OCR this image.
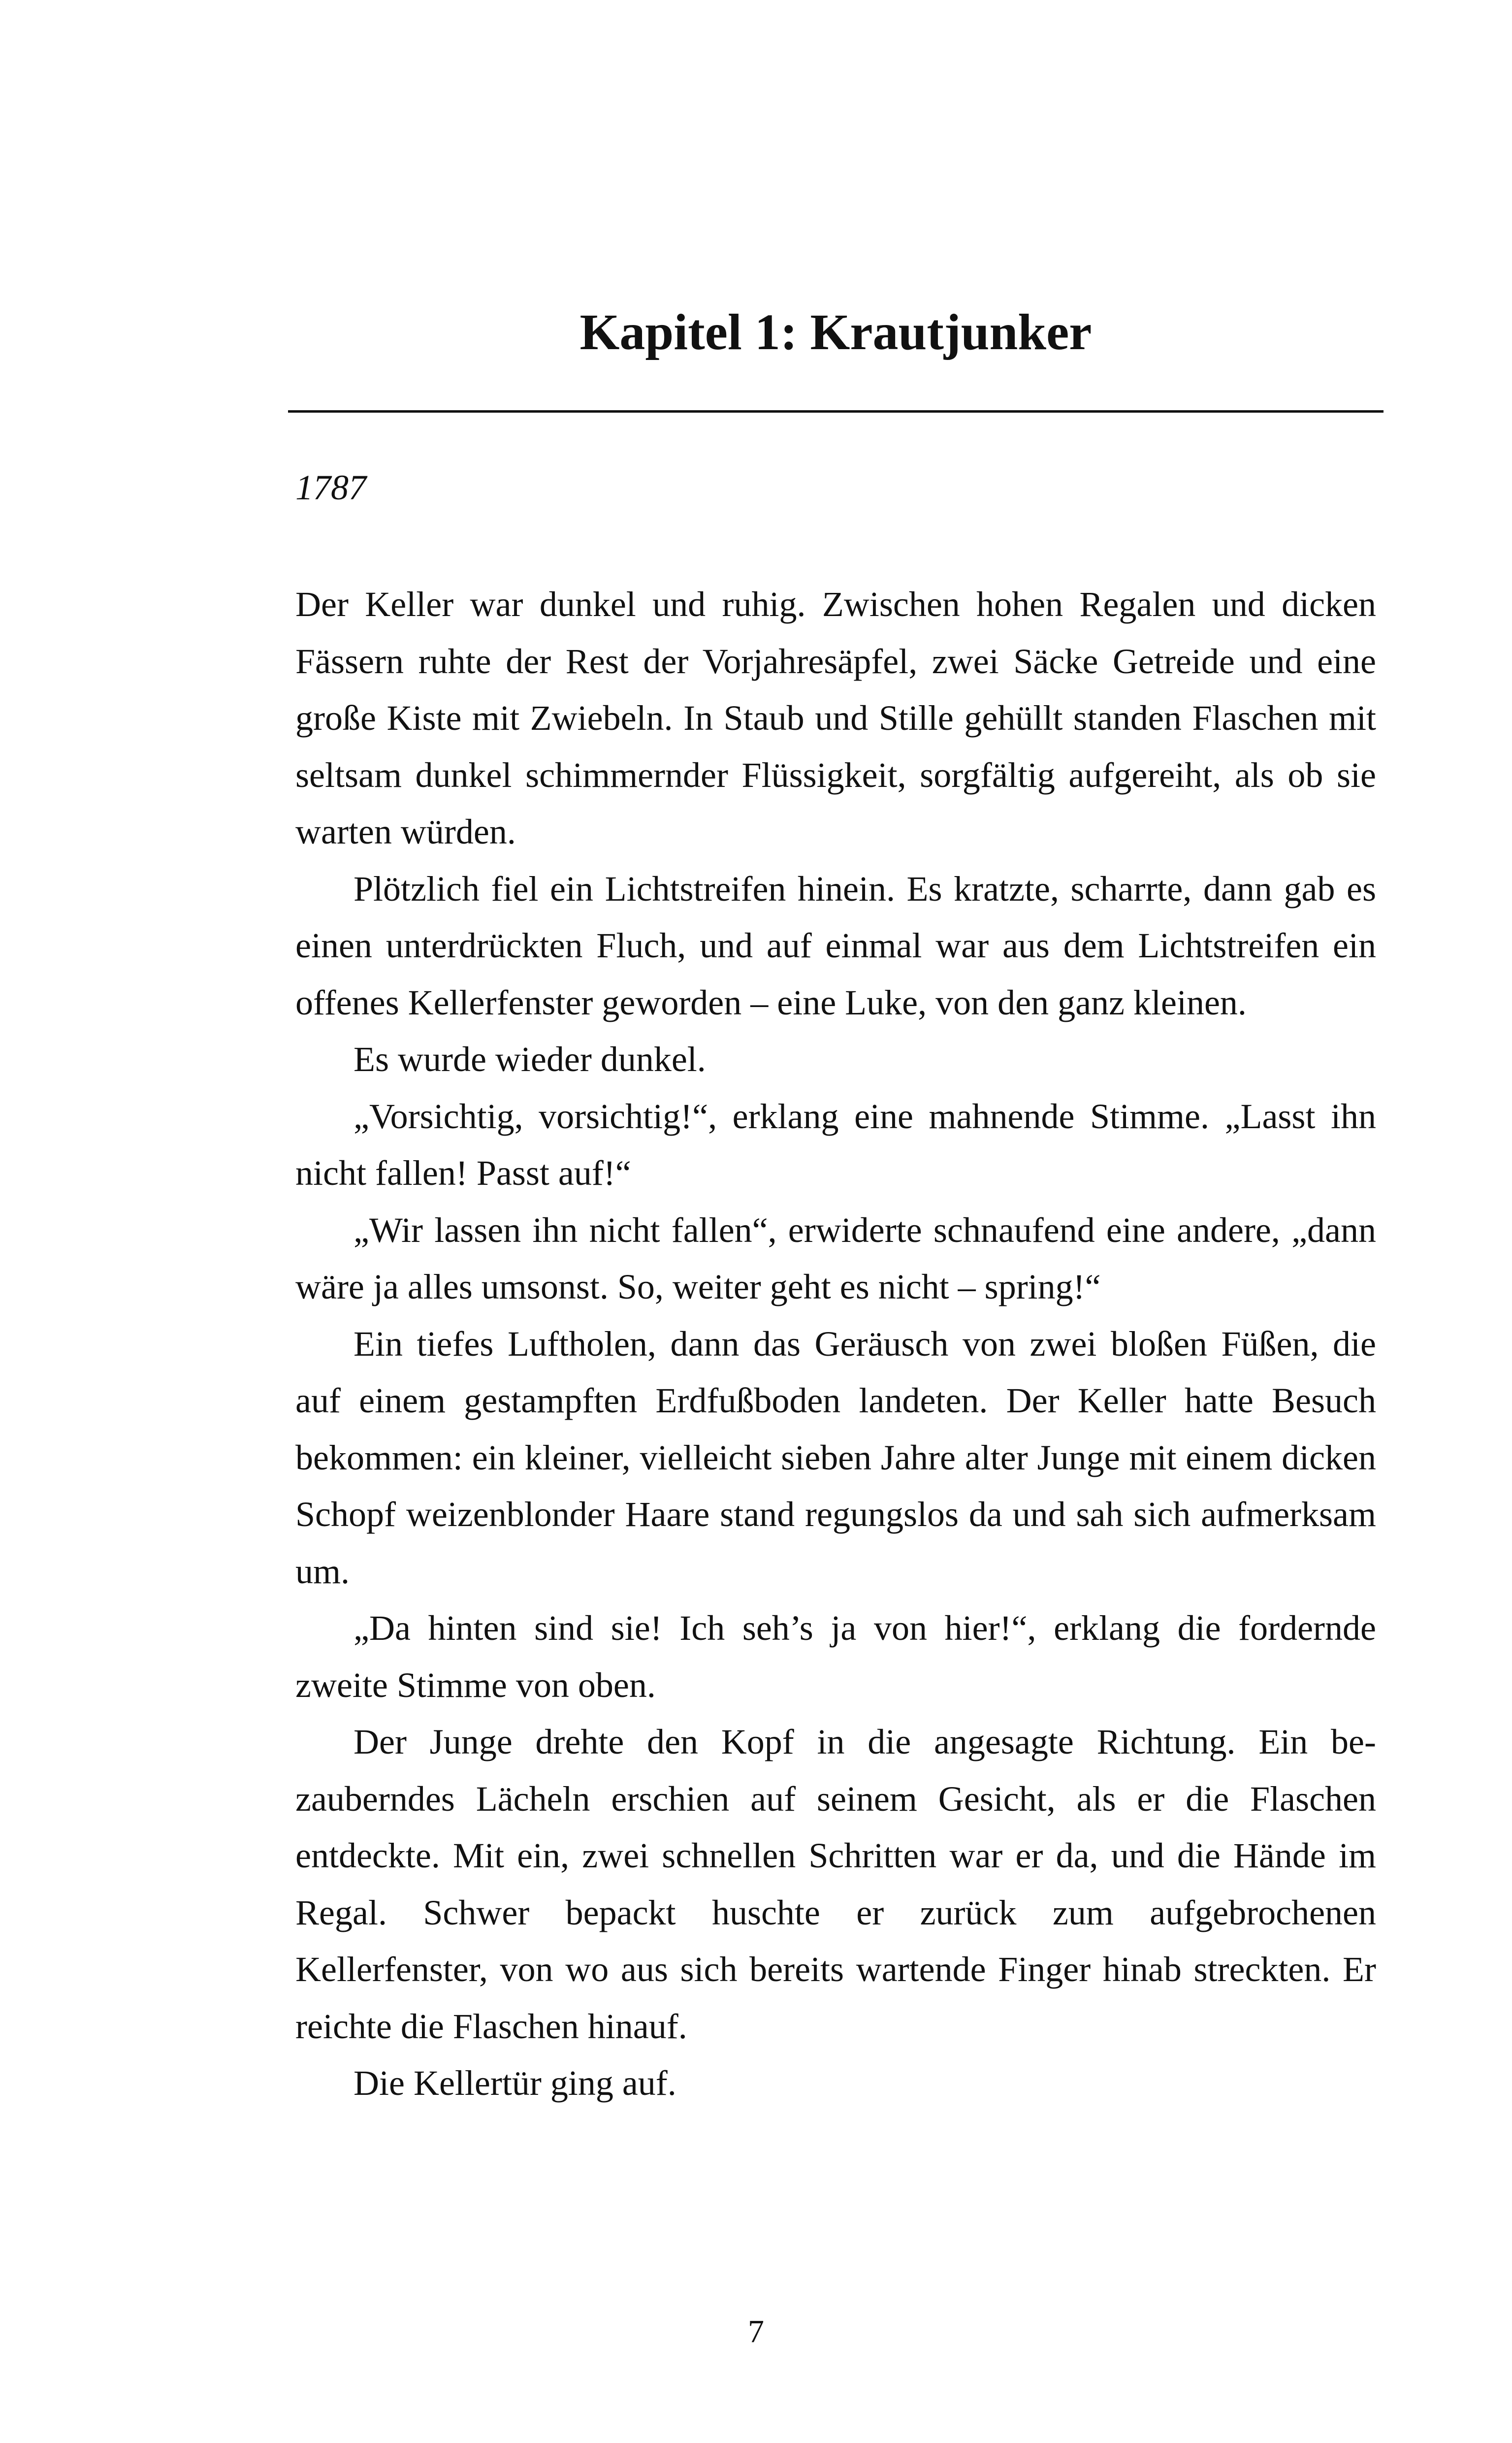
Kapitel 1: Krautjunker

1787

Der Keller war dunkel und ruhig. Zwischen hohen Regalen und dicken Fässern ruhte der Rest der Vorjahresäpfel, zwei Säcke Getreide und eine große Kiste mit Zwiebeln. In Staub und Stille gehüllt standen Flaschen mit seltsam dunkel schimmernder Flüssigkeit, sorgfältig aufgereiht, als ob sie warten würden.

Plötzlich fiel ein Lichtstreifen hinein. Es kratzte, scharrte, dann gab es einen unterdrückten Fluch, und auf einmal war aus dem Lichtstreifen ein offenes Kellerfenster geworden – eine Luke, von den ganz kleinen.

Es wurde wieder dunkel.

„Vorsichtig, vorsichtig!“, erklang eine mahnende Stimme. „Lasst ihn nicht fallen! Passt auf!“

„Wir lassen ihn nicht fallen“, erwiderte schnaufend eine andere, „dann wäre ja alles umsonst. So, weiter geht es nicht – spring!“

Ein tiefes Luftholen, dann das Geräusch von zwei bloßen Füßen, die auf einem gestampften Erdfußboden landeten. Der Keller hatte Besuch bekommen: ein kleiner, vielleicht sieben Jahre alter Junge mit einem dicken Schopf weizenblonder Haare stand regungslos da und sah sich aufmerksam um.

„Da hinten sind sie! Ich seh’s ja von hier!“, erklang die fordernde zweite Stimme von oben.

Der Junge drehte den Kopf in die angesagte Richtung. Ein bezauberndes Lächeln erschien auf seinem Gesicht, als er die Flaschen entdeckte. Mit ein, zwei schnellen Schritten war er da, und die Hände im Regal. Schwer bepackt huschte er zurück zum aufgebrochenen Kellerfenster, von wo aus sich bereits wartende Finger hinab streckten. Er reichte die Flaschen hinauf.

Die Kellertür ging auf.

7
